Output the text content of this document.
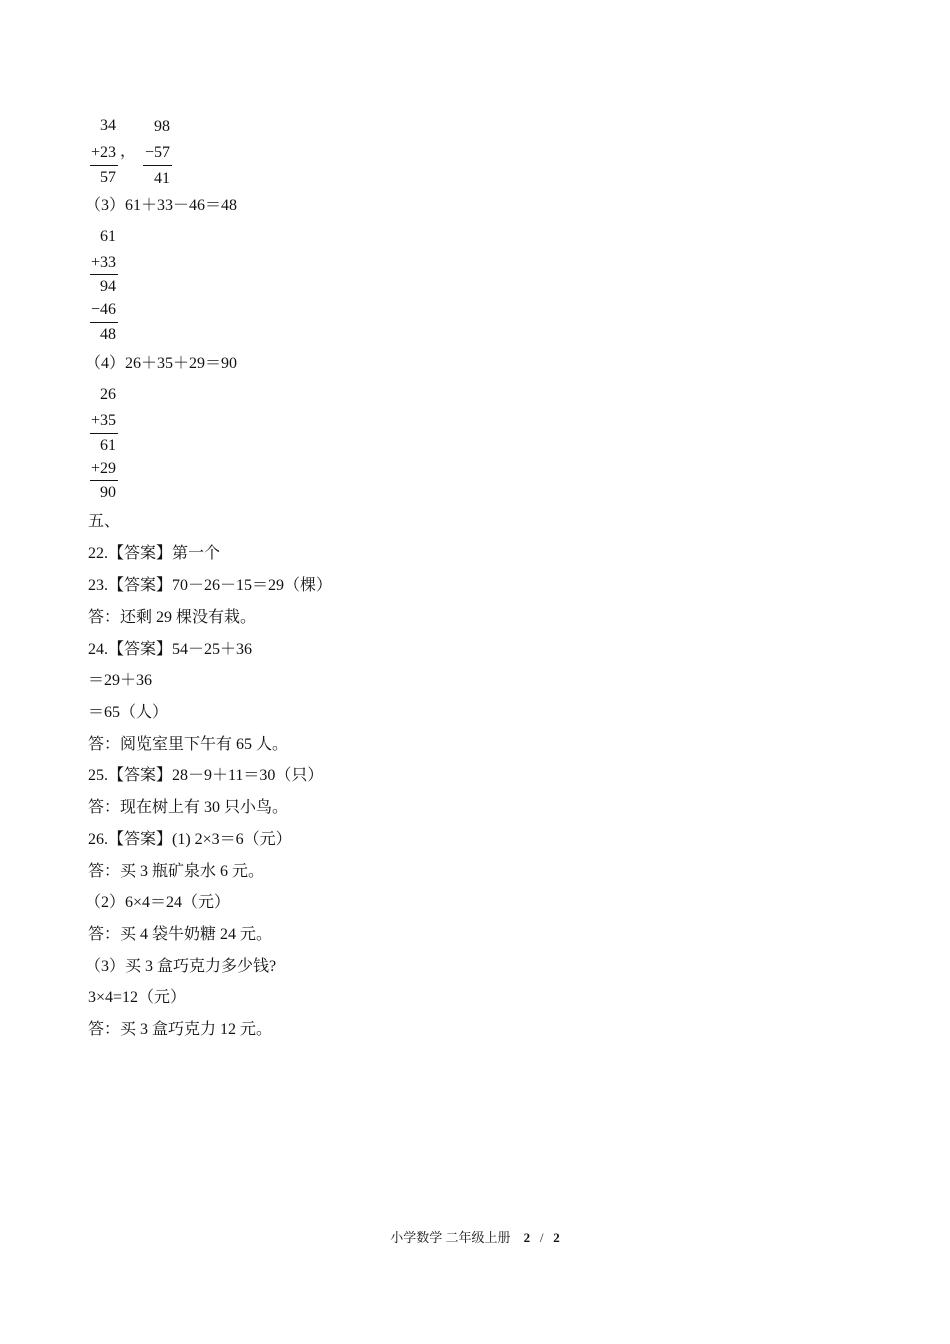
34
+23
57
，
98
−57
41
（3）61＋33－46＝48
61
+33
94
−46
48
（4）26＋35＋29＝90
26
+35
61
+29
90
五、
22.【答案】第一个
23.【答案】70－26－15＝29（棵）
答：还剩 29 棵没有栽。
24.【答案】54－25＋36
＝29＋36
＝65（人）
答：阅览室里下午有 65 人。
25.【答案】28－9＋11＝30（只）
答：现在树上有 30 只小鸟。
26.【答案】(1) 2×3＝6（元）
答：买 3 瓶矿泉水 6 元。
（2）6×4＝24（元）
答：买 4 袋牛奶糖 24 元。
（3）买 3 盒巧克力多少钱?
3×4=12（元）
答：买 3 盒巧克力 12 元。
小学数学 二年级上册 2 / 2
